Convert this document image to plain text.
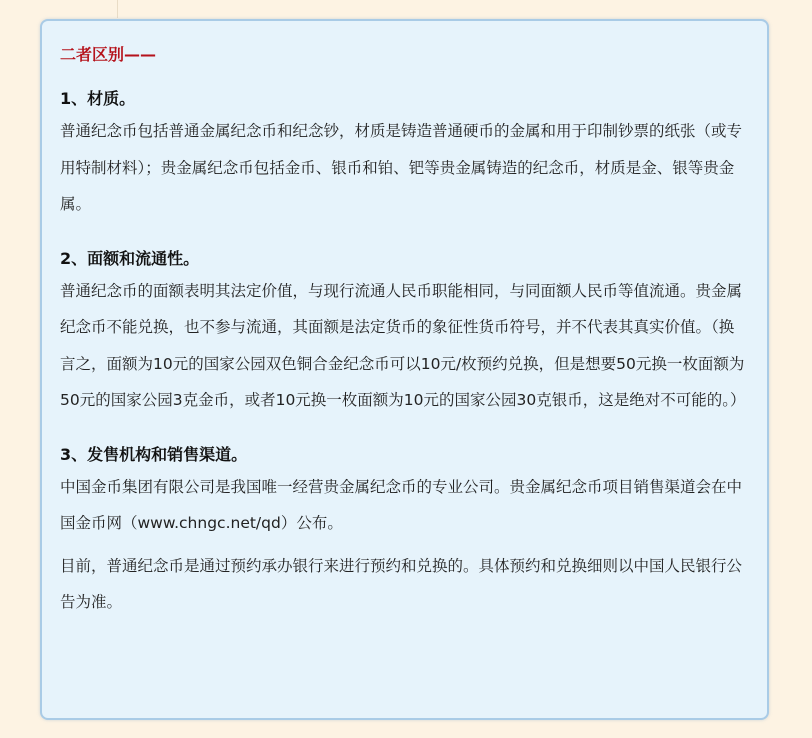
二者区别——
1、材质。

普通纪念币包括普通金属纪念币和纪念钞，材质是铸造普通硬币的金属和用于印制钞票的纸张（或专用特制材料）；贵金属纪念币包括金币、银币和铂、钯等贵金属铸造的纪念币，材质是金、银等贵金属。

2、面额和流通性。

普通纪念币的面额表明其法定价值，与现行流通人民币职能相同，与同面额人民币等值流通。贵金属纪念币不能兑换，也不参与流通，其面额是法定货币的象征性货币符号，并不代表其真实价值。（换言之，面额为10元的国家公园双色铜合金纪念币可以10元/枚预约兑换，但是想要50元换一枚面额为50元的国家公园3克金币，或者10元换一枚面额为10元的国家公园30克银币，这是绝对不可能的。）

3、发售机构和销售渠道。

中国金币集团有限公司是我国唯一经营贵金属纪念币的专业公司。贵金属纪念币项目销售渠道会在中国金币网（www.chngc.net/qd）公布。

目前，普通纪念币是通过预约承办银行来进行预约和兑换的。具体预约和兑换细则以中国人民银行公告为准。
